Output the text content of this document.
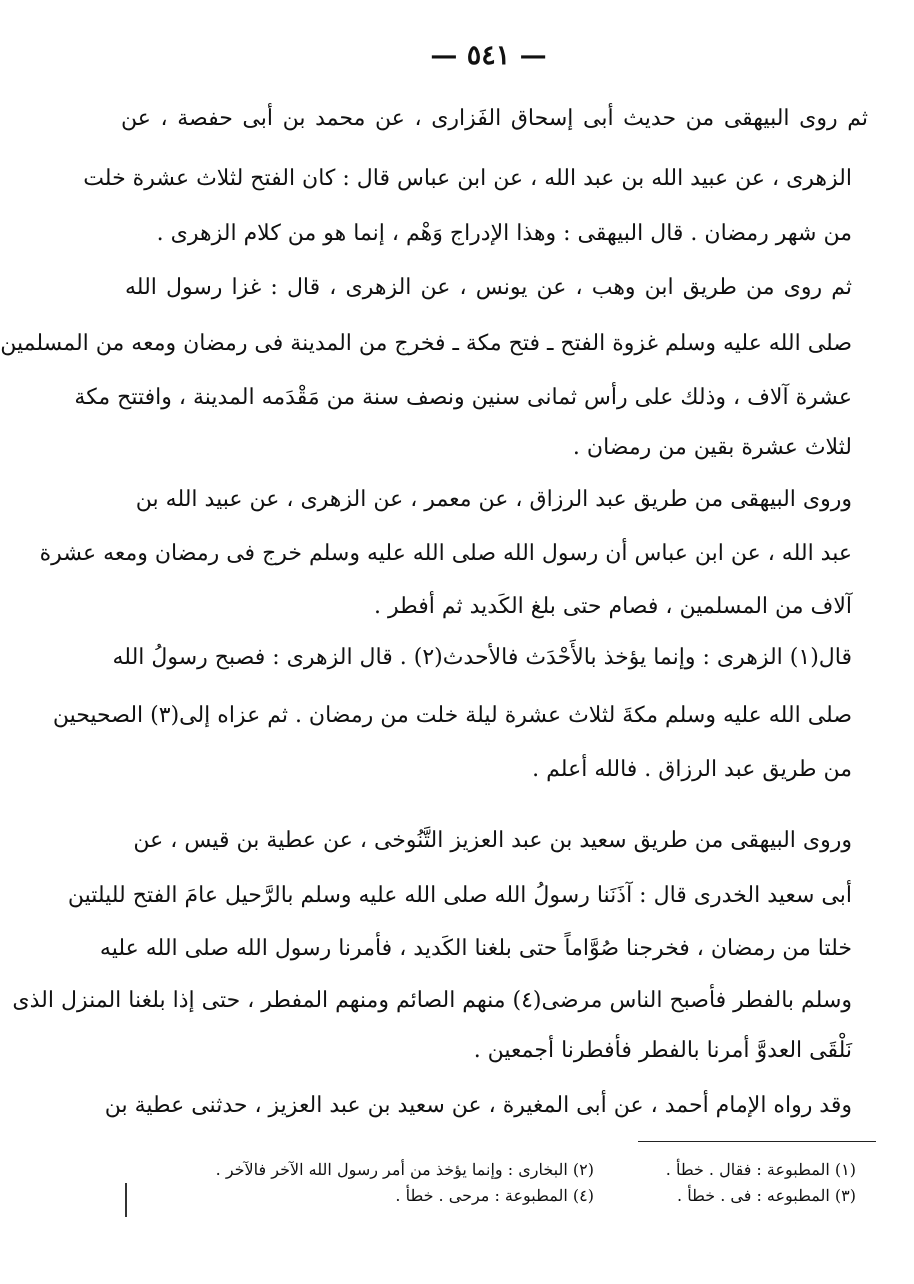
— ٥٤١ —
ثم روى البيهقى من حديث أبى إسحاق الفَزارى ، عن محمد بن أبى حفصة ، عن
الزهرى ، عن عبيد الله بن عبد الله ، عن ابن عباس قال : كان الفتح لثلاث عشرة خلت
من شهر رمضان . قال البيهقى : وهذا الإدراج وَهْم ، إنما هو من كلام الزهرى .
ثم روى من طريق ابن وهب ، عن يونس ، عن الزهرى ، قال : غزا رسول الله
صلى الله عليه وسلم غزوة الفتح ـ فتح مكة ـ فخرج من المدينة فى رمضان ومعه من المسلمين
عشرة آلاف ، وذلك على رأس ثمانى سنين ونصف سنة من مَقْدَمه المدينة ، وافتتح مكة
لثلاث عشرة بقين من رمضان .
وروى البيهقى من طريق عبد الرزاق ، عن معمر ، عن الزهرى ، عن عبيد الله بن
عبد الله ، عن ابن عباس أن رسول الله صلى الله عليه وسلم خرج فى رمضان ومعه عشرة
آلاف من المسلمين ، فصام حتى بلغ الكَديد ثم أفطر .
قال(١) الزهرى : وإنما يؤخذ بالأَحْدَث فالأحدث(٢) . قال الزهرى : فصبح رسولُ الله
صلى الله عليه وسلم مكةَ لثلاث عشرة ليلة خلت من رمضان . ثم عزاه إلى(٣) الصحيحين
من طريق عبد الرزاق . فالله أعلم .
وروى البيهقى من طريق سعيد بن عبد العزيز التَّنُوخى ، عن عطية بن قيس ، عن
أبى سعيد الخدرى قال : آذَنَنا رسولُ الله صلى الله عليه وسلم بالرَّحيل عامَ الفتح لليلتين
خلتا من رمضان ، فخرجنا صُوَّاماً حتى بلغنا الكَديد ، فأمرنا رسول الله صلى الله عليه
وسلم بالفطر فأصبح الناس مرضى(٤) منهم الصائم ومنهم المفطر ، حتى إذا بلغنا المنزل الذى
نَلْقَى العدوَّ أمرنا بالفطر فأفطرنا أجمعين .
وقد رواه الإمام أحمد ، عن أبى المغيرة ، عن سعيد بن عبد العزيز ، حدثنى عطية بن
(١) المطبوعة : فقال . خطأ .
(٢) البخارى : وإنما يؤخذ من أمر رسول الله الآخر فالآخر .
(٣) المطبوعه : فى . خطأ .
(٤) المطبوعة : مرحى . خطأ .
